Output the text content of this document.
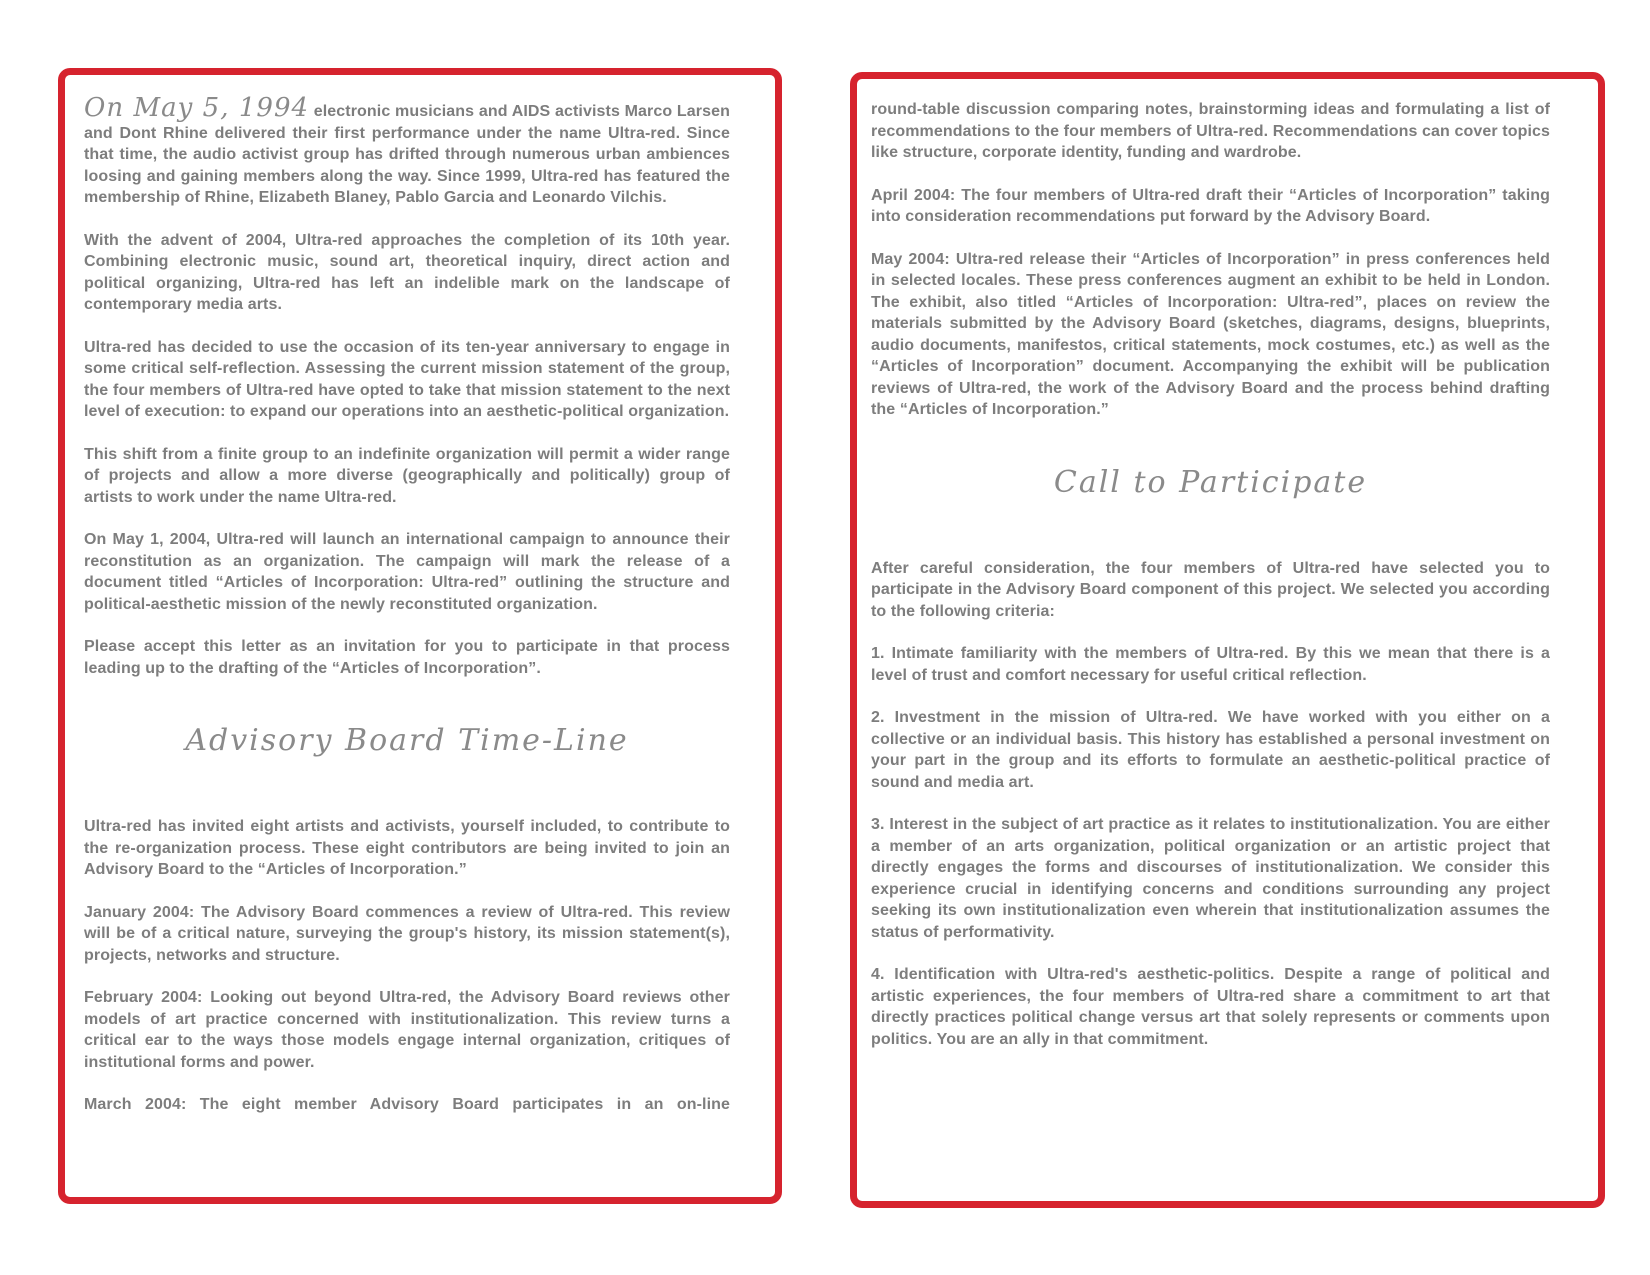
On May 5, 1994 electronic musicians and AIDS activists Marco Larsen and Dont Rhine delivered their first performance under the name Ultra-red. Since that time, the audio activist group has drifted through numerous urban ambiences loosing and gaining members along the way. Since 1999, Ultra-red has featured the membership of Rhine, Elizabeth Blaney, Pablo Garcia and Leonardo Vilchis.

With the advent of 2004, Ultra-red approaches the completion of its 10th year. Combining electronic music, sound art, theoretical inquiry, direct action and political organizing, Ultra-red has left an indelible mark on the landscape of contemporary media arts.

Ultra-red has decided to use the occasion of its ten-year anniversary to engage in some critical self-reflection. Assessing the current mission statement of the group, the four members of Ultra-red have opted to take that mission statement to the next level of execution: to expand our operations into an aesthetic-political organization.

This shift from a finite group to an indefinite organization will permit a wider range of projects and allow a more diverse (geographically and politically) group of artists to work under the name Ultra-red.

On May 1, 2004, Ultra-red will launch an international campaign to announce their reconstitution as an organization. The campaign will mark the release of a document titled “Articles of Incorporation: Ultra-red” outlining the structure and political-aesthetic mission of the newly reconstituted organization.

Please accept this letter as an invitation for you to participate in that process leading up to the drafting of the “Articles of Incorporation”.

Advisory Board Time-Line

Ultra-red has invited eight artists and activists, yourself included, to contribute to the re-organization process. These eight contributors are being invited to join an Advisory Board to the “Articles of Incorporation.”

January 2004: The Advisory Board commences a review of Ultra-red. This review will be of a critical nature, surveying the group's history, its mission statement(s), projects, networks and structure.

February 2004: Looking out beyond Ultra-red, the Advisory Board reviews other models of art practice concerned with institutionalization. This review turns a critical ear to the ways those models engage internal organization, critiques of institutional forms and power.

March 2004: The eight member Advisory Board participates in an on-line

round-table discussion comparing notes, brainstorming ideas and formulating a list of recommendations to the four members of Ultra-red. Recommendations can cover topics like structure, corporate identity, funding and wardrobe.

April 2004: The four members of Ultra-red draft their “Articles of Incorporation” taking into consideration recommendations put forward by the Advisory Board.

May 2004: Ultra-red release their “Articles of Incorporation” in press conferences held in selected locales. These press conferences augment an exhibit to be held in London. The exhibit, also titled “Articles of Incorporation: Ultra-red”, places on review the materials submitted by the Advisory Board (sketches, diagrams, designs, blueprints, audio documents, manifestos, critical statements, mock costumes, etc.) as well as the “Articles of Incorporation” document. Accompanying the exhibit will be publication reviews of Ultra-red, the work of the Advisory Board and the process behind drafting the “Articles of Incorporation.”

Call to Participate

After careful consideration, the four members of Ultra-red have selected you to participate in the Advisory Board component of this project. We selected you according to the following criteria:

1. Intimate familiarity with the members of Ultra-red. By this we mean that there is a level of trust and comfort necessary for useful critical reflection.

2. Investment in the mission of Ultra-red. We have worked with you either on a collective or an individual basis. This history has established a personal investment on your part in the group and its efforts to formulate an aesthetic-political practice of sound and media art.

3. Interest in the subject of art practice as it relates to institutionalization. You are either a member of an arts organization, political organization or an artistic project that directly engages the forms and discourses of institutionalization. We consider this experience crucial in identifying concerns and conditions surrounding any project seeking its own institutionalization even wherein that institutionalization assumes the status of performativity.

4. Identification with Ultra-red's aesthetic-politics. Despite a range of political and artistic experiences, the four members of Ultra-red share a commitment to art that directly practices political change versus art that solely represents or comments upon politics. You are an ally in that commitment.
